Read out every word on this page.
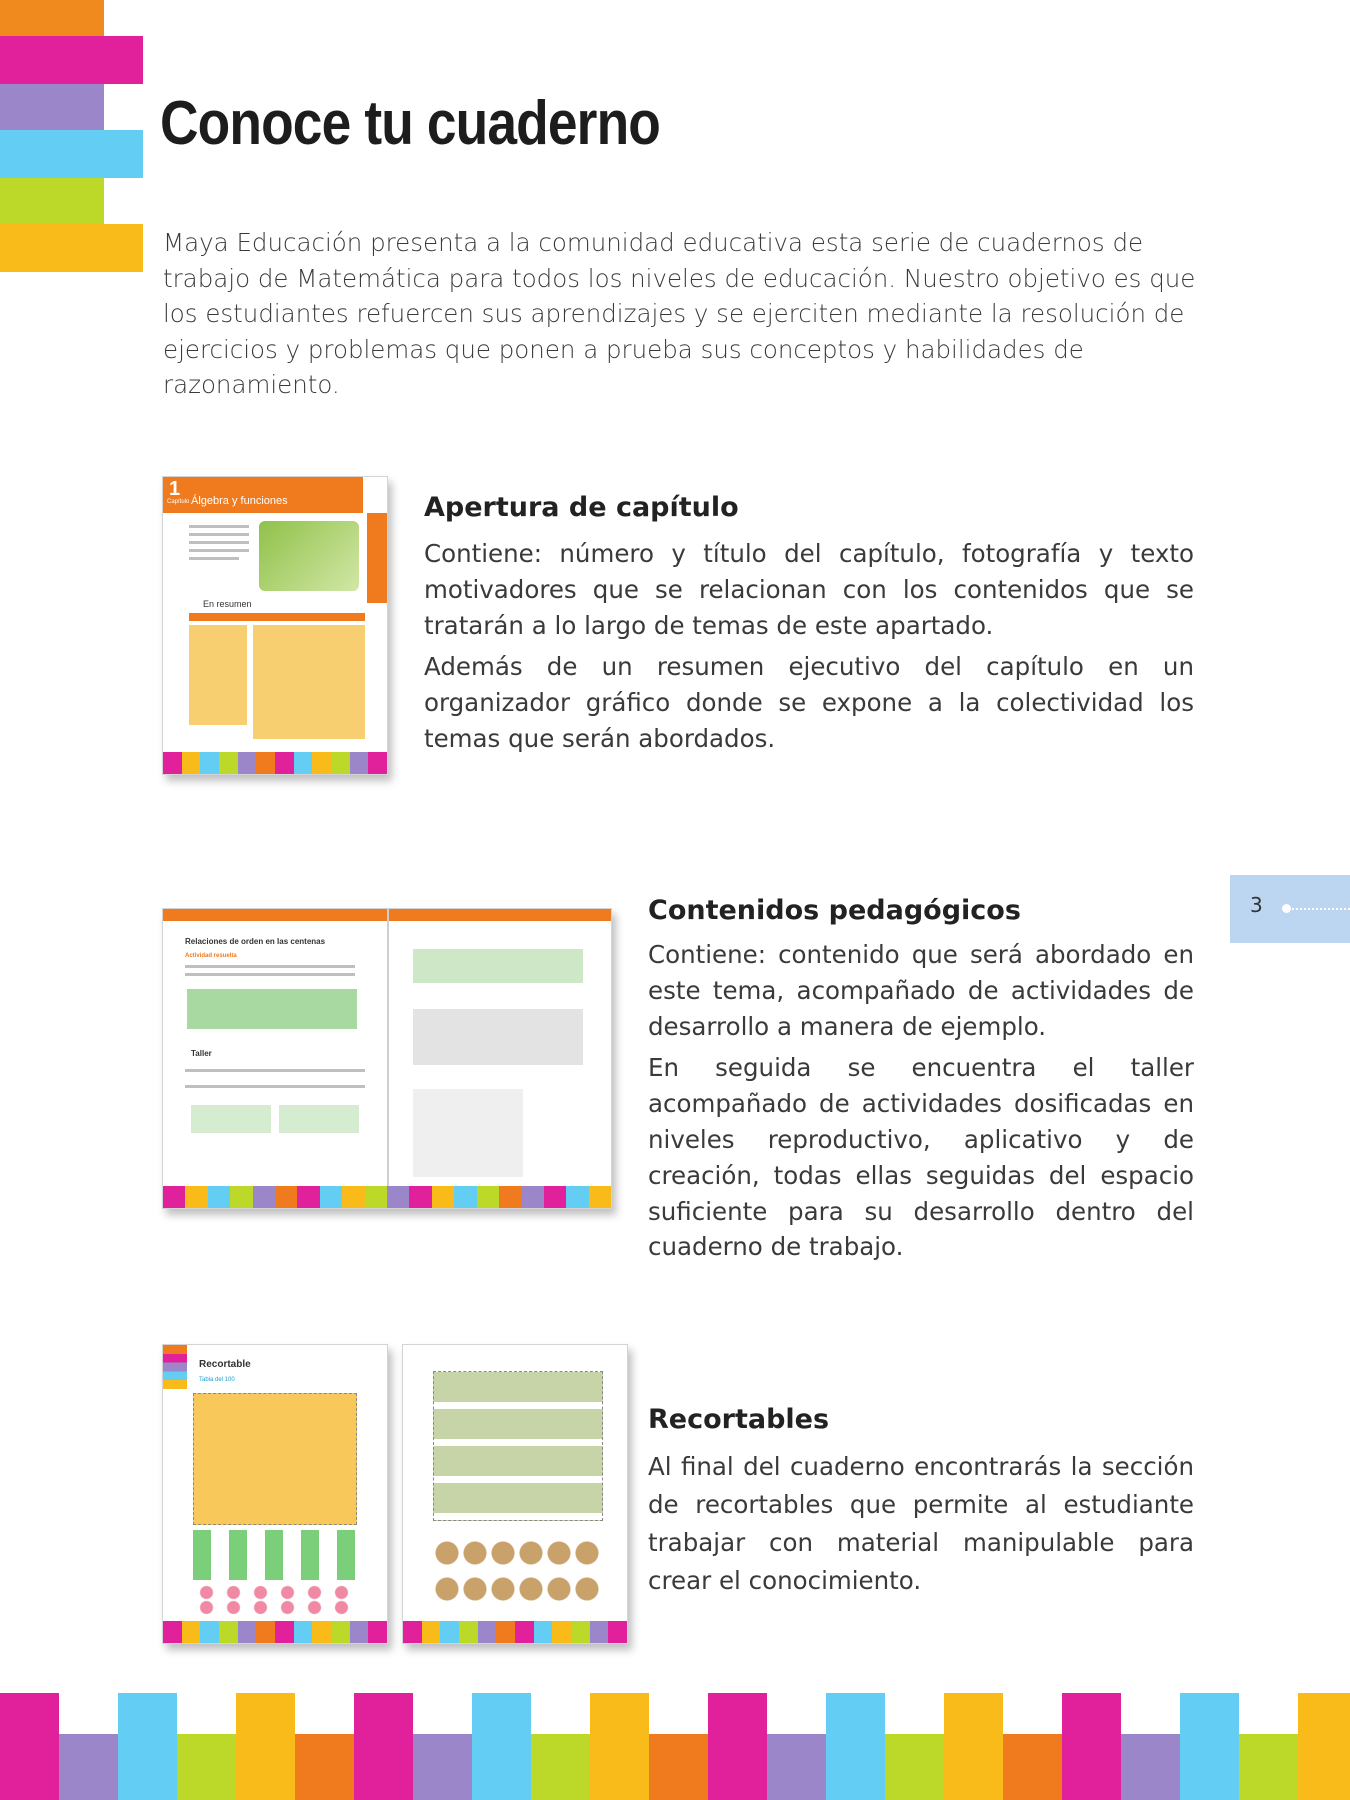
Conoce tu cuaderno

Maya Educación presenta a la comunidad educativa esta serie de cuadernos de trabajo de Matemática para todos los niveles de educación. Nuestro objetivo es que los estudiantes refuercen sus aprendizajes y se ejerciten mediante la resolución de ejercicios y problemas que ponen a prueba sus conceptos y habilidades de razonamiento.

1
Álgebra y funciones
Capítulo
En resumen
Apertura de capítulo

Contiene: número y título del capítulo, fotografía y texto motivadores que se relacionan con los contenidos que se tratarán a lo largo de temas de este apartado.

Además de un resumen ejecutivo del capítulo en un organizador gráfico donde se expone a la colectividad los temas que serán abordados.

Relaciones de orden en las centenas
Actividad resuelta
Taller
Contenidos pedagógicos

Contiene: contenido que será abordado en este tema, acompañado de actividades de desarrollo a manera de ejemplo.

En seguida se encuentra el taller acompañado de actividades dosificadas en niveles reproductivo, aplicativo y de creación, todas ellas seguidas del espacio suficiente para su desarrollo dentro del cuaderno de trabajo.

3
Recortable
Tabla del 100
Recortables

Al final del cuaderno encontrarás la sección de recortables que permite al estudiante trabajar con material manipulable para crear el conocimiento.
